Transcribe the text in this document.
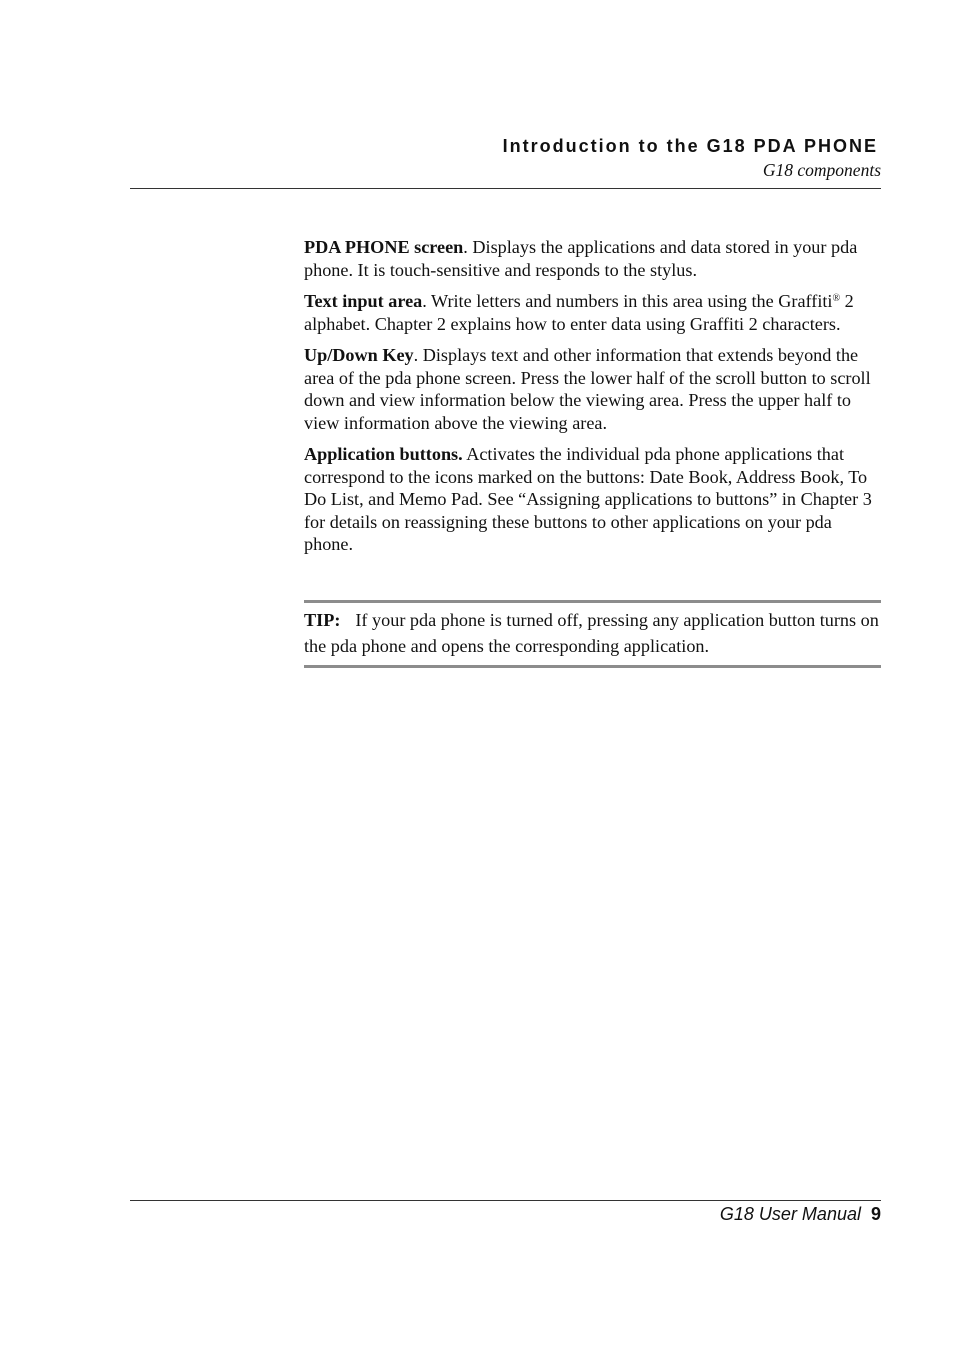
Introduction to the G18 PDA PHONE
G18 components

PDA PHONE screen. Displays the applications and data stored in your pda phone. It is touch-sensitive and responds to the stylus.

Text input area. Write letters and numbers in this area using the Graffiti® 2 alphabet. Chapter 2 explains how to enter data using Graffiti 2 characters.

Up/Down Key. Displays text and other information that extends beyond the area of the pda phone screen. Press the lower half of the scroll button to scroll down and view information below the viewing area. Press the upper half to view information above the viewing area.

Application buttons. Activates the individual pda phone applications that correspond to the icons marked on the buttons: Date Book, Address Book, To Do List, and Memo Pad. See “Assigning applications to buttons” in Chapter 3 for details on reassigning these buttons to other applications on your pda phone.

TIP: If your pda phone is turned off, pressing any application button turns on the pda phone and opens the corresponding application.
G18 User Manual 9
